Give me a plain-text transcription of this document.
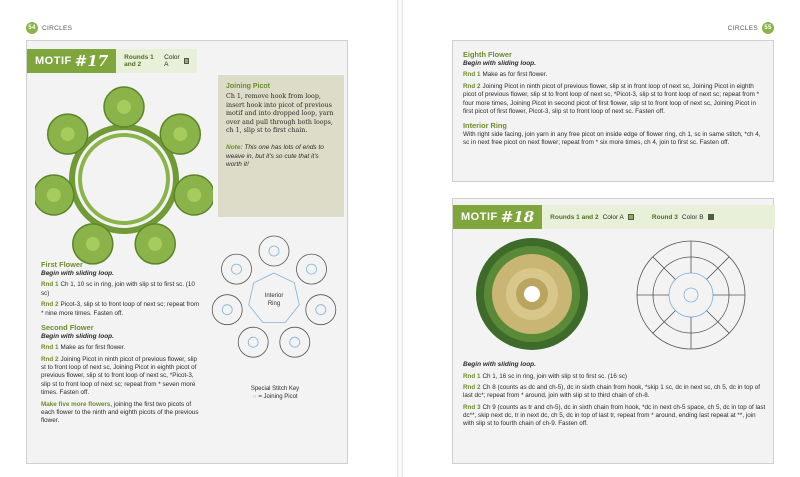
54 CIRCLES
MOTIF #17 Rounds 1 and 2
Color A
Joining Picot
Ch 1, remove hook from loop, insert hook into picot of previous motif and into dropped loop, yarn over and pull through both loops, ch 1, slip st to first chain.
Note: This one has lots of ends to weave in, but it's so cute that it's worth it!
First Flower
Begin with sliding loop.
Rnd 1 Ch 1, 10 sc in ring, join with slip st to first sc. (10 sc)
Rnd 2 Picot-3, slip st to front loop of next sc; repeat from * nine more times. Fasten off.
Second Flower
Begin with sliding loop.
Rnd 1 Make as for first flower.
Rnd 2 Joining Picot in ninth picot of previous flower, slip st to front loop of next sc, Joining Picot in eighth picot of previous flower, slip st to front loop of next sc, *Picot-3, slip st to front loop of next sc; repeat from * seven more times. Fasten off.
Make five more flowers, joining the first two picots of each flower to the ninth and eighth picots of the previous flower.
Interior
Ring
Special Stitch Key
∩ = Joining Picot
CIRCLES	55
Eighth Flower
Begin with sliding loop.
Rnd 1 Make as for first flower.
Rnd 2 Joining Picot in ninth picot of previous flower, slip st in front loop of next sc, Joining Picot in eighth picot of previous flower, slip st to front loop of next sc, *Picot-3, slip st to front loop of next sc; repeat from * four more times, Joining Picot in second picot of first flower, slip st to front loop of next sc, Joining Picot in first picot of first flower, Picot-3, slip st to front loop of next sc. Fasten off.
Interior Ring
With right side facing, join yarn in any free picot on inside edge of flower ring, ch 1, sc in same stitch, *ch 4, sc in next free picot on next flower; repeat from * six more times, ch 4, join to first sc. Fasten off.
MOTIF #18 Rounds 1 and 2 Color A	Round 3 Color B
Begin with sliding loop.
Rnd 1 Ch 1, 16 sc in ring, join with slip st to first sc. (16 sc)
Rnd 2 Ch 8 (counts as dc and ch-5), dc in sixth chain from hook, *skip 1 sc, dc in next sc, ch 5, dc in top of last dc*; repeat from * around, join with slip st to third chain of ch-8.
Rnd 3 Ch 9 (counts as tr and ch-5), dc in sixth chain from hook, *dc in next ch-5 space, ch 5, dc in top of last dc**, skip next dc, tr in next dc, ch 5, dc in top of last tr, repeat from * around, ending last repeat at **, join with slip st to fourth chain of ch-9. Fasten off.
